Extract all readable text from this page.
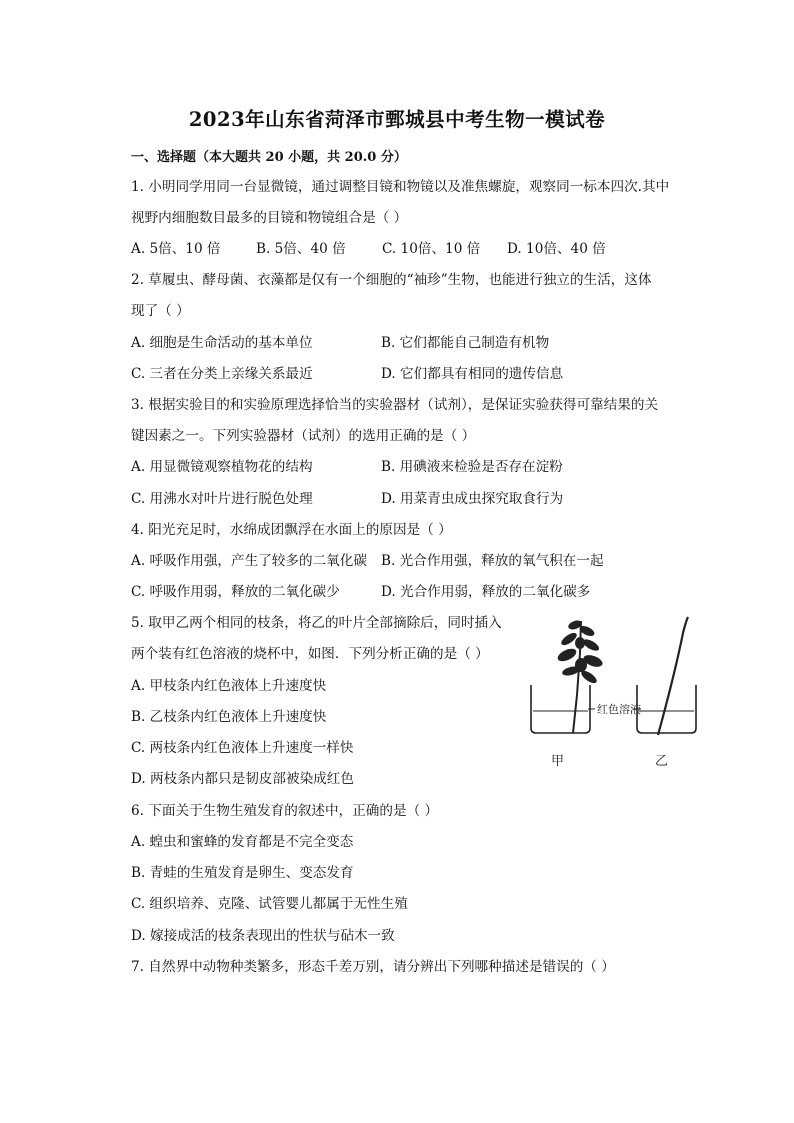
2023年山东省菏泽市鄄城县中考生物一模试卷
一、选择题（本大题共 20 小题，共 20.0 分）
1. 小明同学用同一台显微镜，通过调整目镜和物镜以及准焦螺旋，观察同一标本四次.其中
视野内细胞数目最多的目镜和物镜组合是（ ）
A. 5倍、10 倍	B. 5倍、40 倍	C. 10倍、10 倍 D. 10倍、40 倍
2. 草履虫、酵母菌、衣藻都是仅有一个细胞的“袖珍”生物，也能进行独立的生活，这体
现了（ ）
A. 细胞是生命活动的基本单位	B. 它们都能自己制造有机物
C. 三者在分类上亲缘关系最近	D. 它们都具有相同的遗传信息
3. 根据实验目的和实验原理选择恰当的实验器材（试剂），是保证实验获得可靠结果的关
键因素之一。下列实验器材（试剂）的选用正确的是（ ）
A. 用显微镜观察植物花的结构	B. 用碘液来检验是否存在淀粉
C. 用沸水对叶片进行脱色处理	D. 用菜青虫成虫探究取食行为
4. 阳光充足时，水绵成团飘浮在水面上的原因是（ ）
A. 呼吸作用强，产生了较多的二氧化碳 B. 光合作用强，释放的氧气积在一起
C. 呼吸作用弱，释放的二氧化碳少	D. 光合作用弱，释放的二氧化碳多
5. 取甲乙两个相同的枝条，将乙的叶片全部摘除后，同时插入
两个装有红色溶液的烧杯中，如图．下列分析正确的是（ ）
A. 甲枝条内红色液体上升速度快
B. 乙枝条内红色液体上升速度快
C. 两枝条内红色液体上升速度一样快
D. 两枝条内都只是韧皮部被染成红色
红色溶液
甲	乙
6. 下面关于生物生殖发育的叙述中，正确的是（ ）
A. 蝗虫和蜜蜂的发育都是不完全变态
B. 青蛙的生殖发育是卵生、变态发育
C. 组织培养、克隆、试管婴儿都属于无性生殖
D. 嫁接成活的枝条表现出的性状与砧木一致
7. 自然界中动物种类繁多，形态千差万别，请分辨出下列哪种描述是错误的（ ）
